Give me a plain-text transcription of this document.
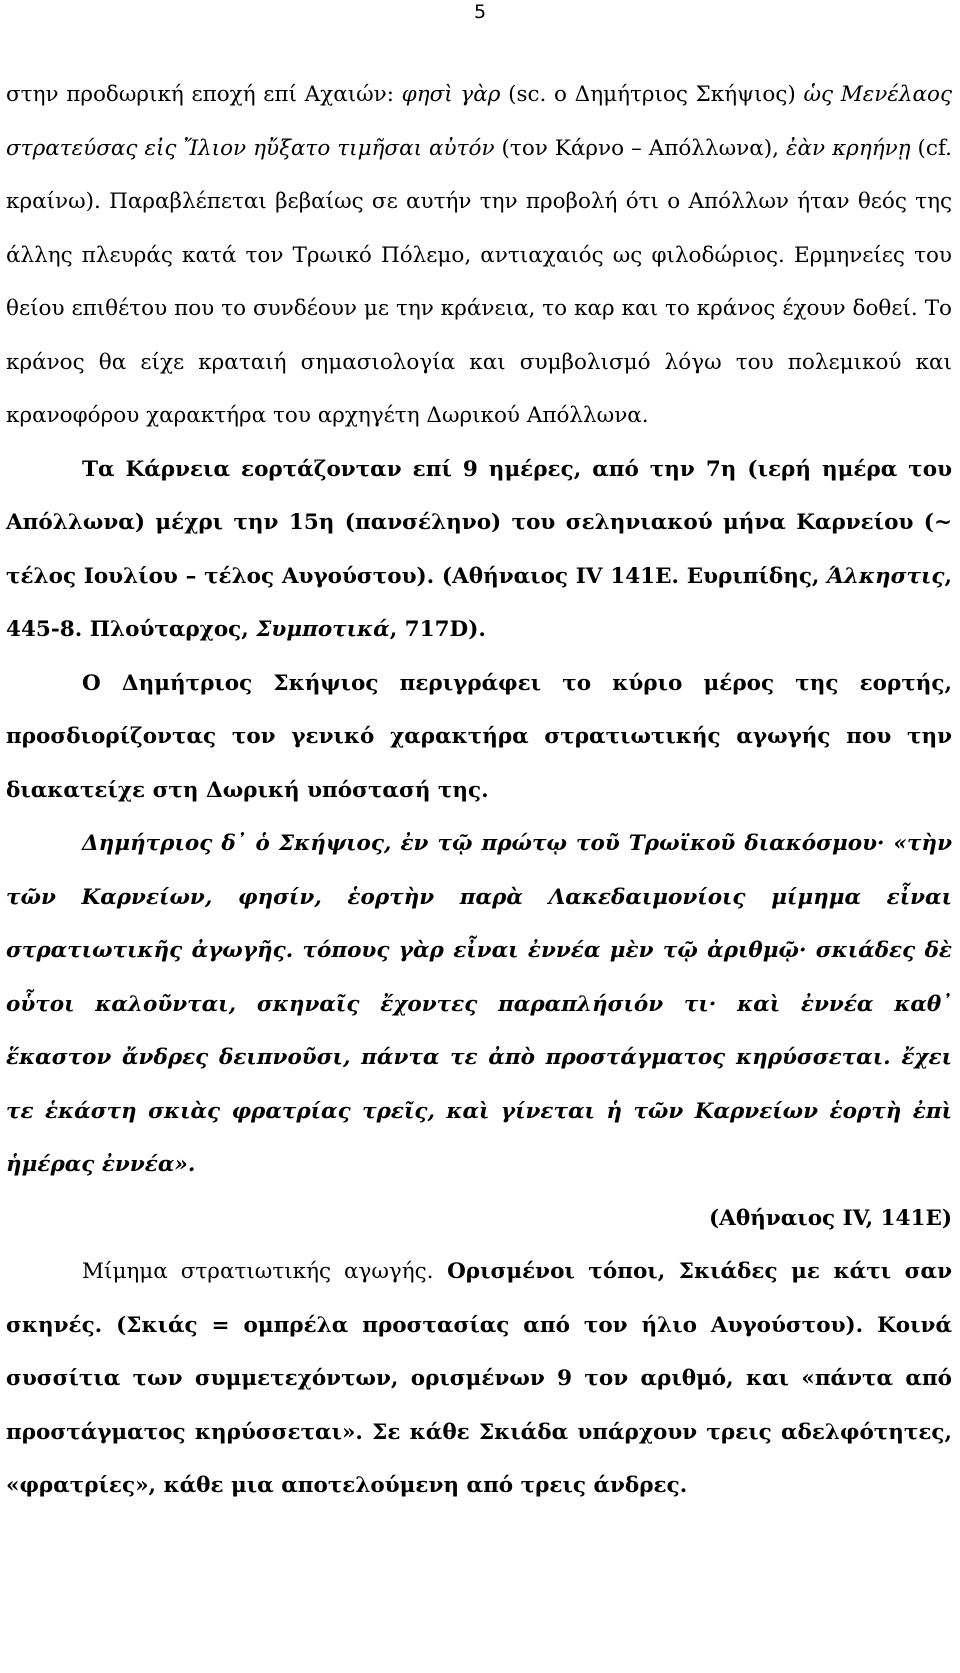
5

στην προδωρική εποχή επί Αχαιών: φησὶ γὰρ (sc. ο Δημήτριος Σκήψιος) ὡς Μενέλαος στρατεύσας εἰς Ἴλιον ηὔξατο τιμῆσαι αὐτόν (τον Κάρνο – Απόλλωνα), ἐὰν κρηήνῃ (cf. κραίνω). Παραβλέπεται βεβαίως σε αυτήν την προβολή ότι ο Απόλλων ήταν θεός της άλλης πλευράς κατά τον Τρωικό Πόλεμο, αντιαχαιός ως φιλοδώριος. Ερμηνείες του θείου επιθέτου που το συνδέουν με την κράνεια, το καρ και το κράνος έχουν δοθεί. Το κράνος θα είχε κραταιή σημασιολογία και συμβολισμό λόγω του πολεμικού και κρανοφόρου χαρακτήρα του αρχηγέτη Δωρικού Απόλλωνα.

Τα Κάρνεια εορτάζονταν επί 9 ημέρες, από την 7η (ιερή ημέρα του Απόλλωνα) μέχρι την 15η (πανσέληνο) του σεληνιακού μήνα Καρνείου (~ τέλος Ιουλίου – τέλος Αυγούστου). (Αθήναιος IV 141E. Ευριπίδης, Άλκηστις, 445-8. Πλούταρχος, Συμποτικά, 717D).

Ο Δημήτριος Σκήψιος περιγράφει το κύριο μέρος της εορτής, προσδιορίζοντας τον γενικό χαρακτήρα στρατιωτικής αγωγής που την διακατείχε στη Δωρική υπόστασή της.

Δημήτριος δ᾽ ὁ Σκήψιος, ἐν τῷ πρώτῳ τοῦ Τρωϊκοῦ διακόσμου· «τὴν τῶν Καρνείων, φησίν, ἑορτὴν παρὰ Λακεδαιμονίοις μίμημα εἶναι στρατιωτικῆς ἀγωγῆς. τόπους γὰρ εἶναι ἐννέα μὲν τῷ ἀριθμῷ· σκιάδες δὲ οὗτοι καλοῦνται, σκηναῖς ἔχοντες παραπλήσιόν τι· καὶ ἐννέα καθ᾽ ἕκαστον ἄνδρες δειπνοῦσι, πάντα τε ἀπὸ προστάγματος κηρύσσεται. ἔχει τε ἑκάστη σκιὰς φρατρίας τρεῖς, καὶ γίνεται ἡ τῶν Καρνείων ἑορτὴ ἐπὶ ἡμέρας ἐννέα».

(Αθήναιος IV, 141E)

Μίμημα στρατιωτικής αγωγής. Ορισμένοι τόποι, Σκιάδες με κάτι σαν σκηνές. (Σκιάς = ομπρέλα προστασίας από τον ήλιο Αυγούστου). Κοινά συσσίτια των συμμετεχόντων, ορισμένων 9 τον αριθμό, και «πάντα από προστάγματος κηρύσσεται». Σε κάθε Σκιάδα υπάρχουν τρεις αδελφότητες, «φρατρίες», κάθε μια αποτελούμενη από τρεις άνδρες.
